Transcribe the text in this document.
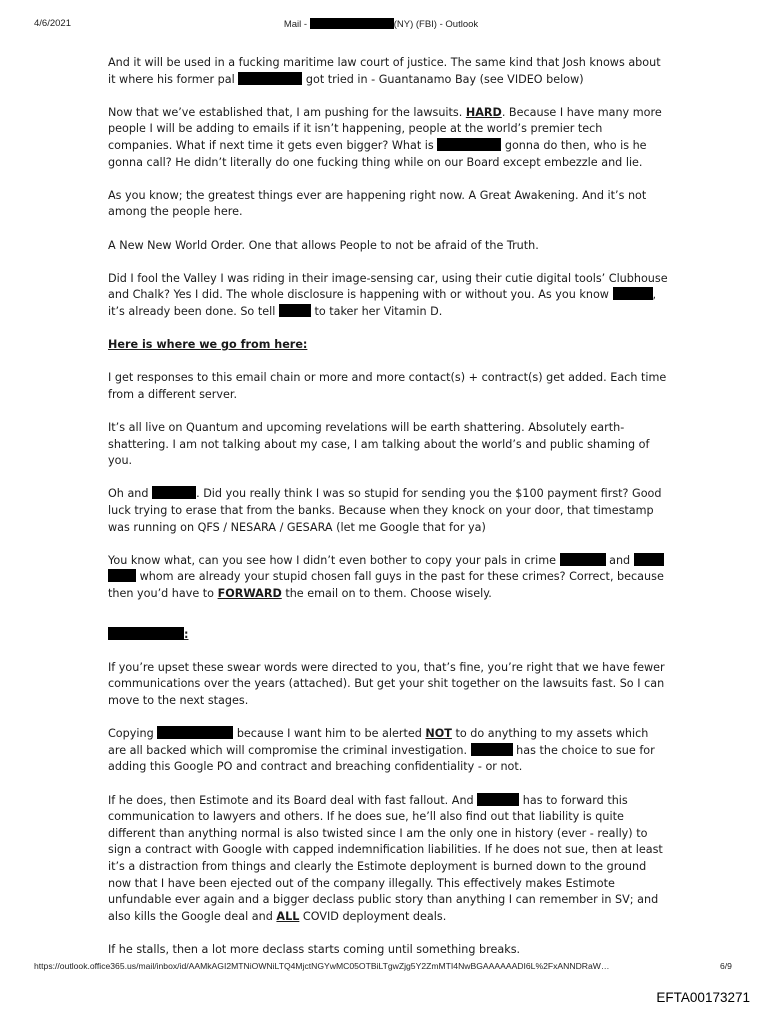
4/6/2021	Mail -	(NY) (FBI) - Outlook

And it will be used in a fucking maritime law court of justice. The same kind that Josh knows about it where his former pal	got tried in - Guantanamo Bay (see VIDEO below)

Now that we’ve established that, I am pushing for the lawsuits. HARD. Because I have many more people I will be adding to emails if it isn’t happening, people at the world’s premier tech companies. What if next time it gets even bigger? What is	gonna do then, who is he gonna call? He didn’t literally do one fucking thing while on our Board except embezzle and lie.

As you know; the greatest things ever are happening right now. A Great Awakening. And it’s not among the people here.

A New New World Order. One that allows People to not be afraid of the Truth.

Did I fool the Valley I was riding in their image-sensing car, using their cutie digital tools’ Clubhouse and Chalk? Yes I did. The whole disclosure is happening with or without you. As you know	, it’s already been done. So tell	to taker her Vitamin D.

Here is where we go from here:

I get responses to this email chain or more and more contact(s) + contract(s) get added. Each time from a different server.

It’s all live on Quantum and upcoming revelations will be earth shattering. Absolutely earth-shattering. I am not talking about my case, I am talking about the world’s and public shaming of you.

Oh and	. Did you really think I was so stupid for sending you the $100 payment first? Good luck trying to erase that from the banks. Because when they knock on your door, that timestamp was running on QFS / NESARA / GESARA (let me Google that for ya)

You know what, can you see how I didn’t even bother to copy your pals in crime	and   whom are already your stupid chosen fall guys in the past for these crimes? Correct, because then you’d have to FORWARD the email on to them. Choose wisely.

:

If you’re upset these swear words were directed to you, that’s fine, you’re right that we have fewer communications over the years (attached). But get your shit together on the lawsuits fast. So I can move to the next stages.

Copying	because I want him to be alerted NOT to do anything to my assets which are all backed which will compromise the criminal investigation.	has the choice to sue for adding this Google PO and contract and breaching confidentiality - or not.

If he does, then Estimote and its Board deal with fast fallout. And	has to forward this communication to lawyers and others. If he does sue, he’ll also find out that liability is quite different than anything normal is also twisted since I am the only one in history (ever - really) to sign a contract with Google with capped indemnification liabilities. If he does not sue, then at least it’s a distraction from things and clearly the Estimote deployment is burned down to the ground now that I have been ejected out of the company illegally. This effectively makes Estimote unfundable ever again and a bigger declass public story than anything I can remember in SV; and also kills the Google deal and ALL COVID deployment deals.

If he stalls, then a lot more declass starts coming until something breaks.

https://outlook.office365.us/mail/inbox/id/AAMkAGI2MTNiOWNiLTQ4MjctNGYwMC05OTBiLTgwZjg5Y2ZmMTI4NwBGAAAAAADI6L%2FxANNDRaW…	6/9
EFTA00173271
